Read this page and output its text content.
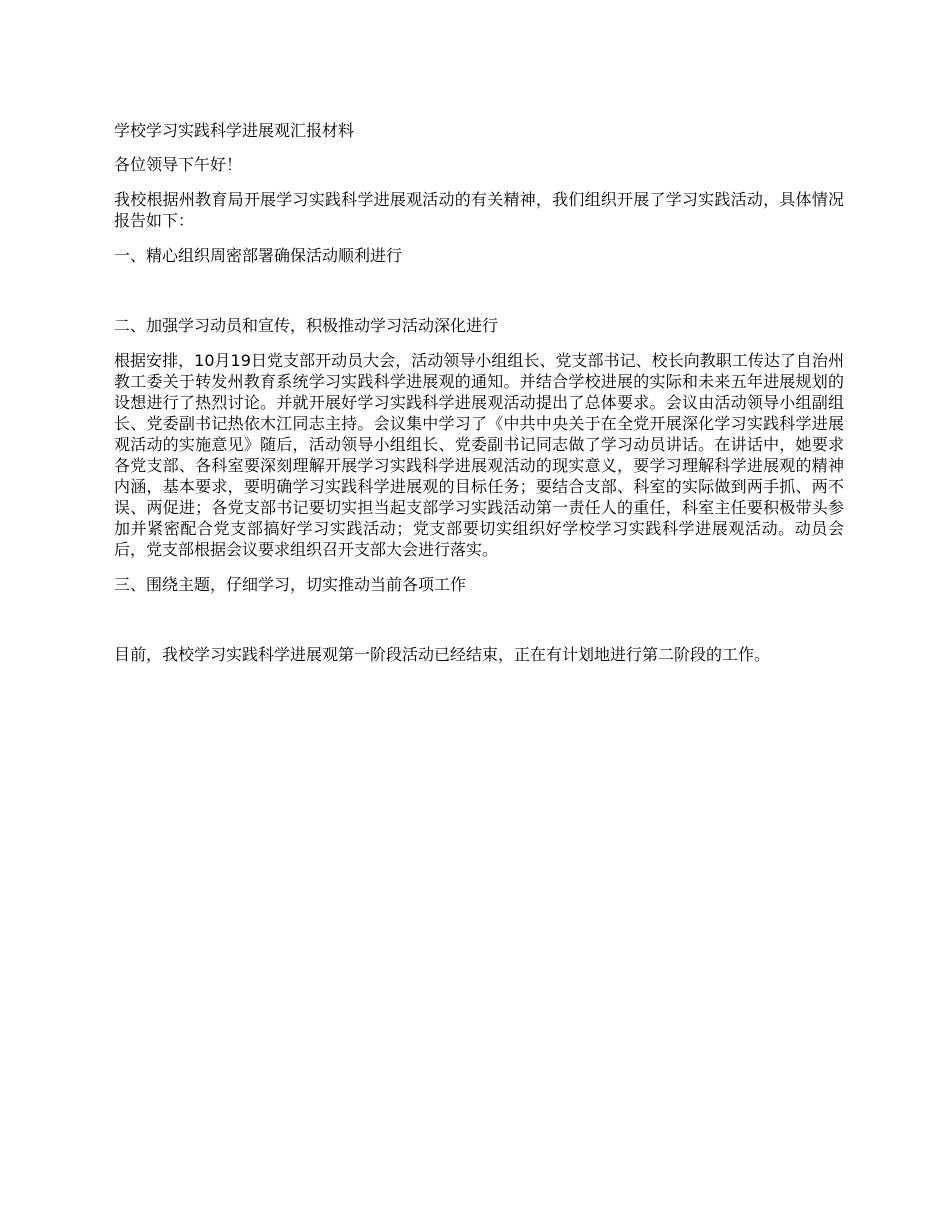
学校学习实践科学进展观汇报材料

各位领导下午好！

我校根据州教育局开展学习实践科学进展观活动的有关精神，我们组织开展了学习实践活动，具体情况报告如下：

一、精心组织周密部署确保活动顺利进行

二、加强学习动员和宣传，积极推动学习活动深化进行

根据安排，10月19日党支部开动员大会，活动领导小组组长、党支部书记、校长向教职工传达了自治州教工委关于转发州教育系统学习实践科学进展观的通知。并结合学校进展的实际和未来五年进展规划的设想进行了热烈讨论。并就开展好学习实践科学进展观活动提出了总体要求。会议由活动领导小组副组长、党委副书记热依木江同志主持。会议集中学习了《中共中央关于在全党开展深化学习实践科学进展观活动的实施意见》随后，活动领导小组组长、党委副书记同志做了学习动员讲话。在讲话中，她要求各党支部、各科室要深刻理解开展学习实践科学进展观活动的现实意义，要学习理解科学进展观的精神内涵，基本要求，要明确学习实践科学进展观的目标任务；要结合支部、科室的实际做到两手抓、两不误、两促进；各党支部书记要切实担当起支部学习实践活动第一责任人的重任，科室主任要积极带头参加并紧密配合党支部搞好学习实践活动；党支部要切实组织好学校学习实践科学进展观活动。动员会后，党支部根据会议要求组织召开支部大会进行落实。

三、围绕主题，仔细学习，切实推动当前各项工作

目前，我校学习实践科学进展观第一阶段活动已经结束，正在有计划地进行第二阶段的工作。
